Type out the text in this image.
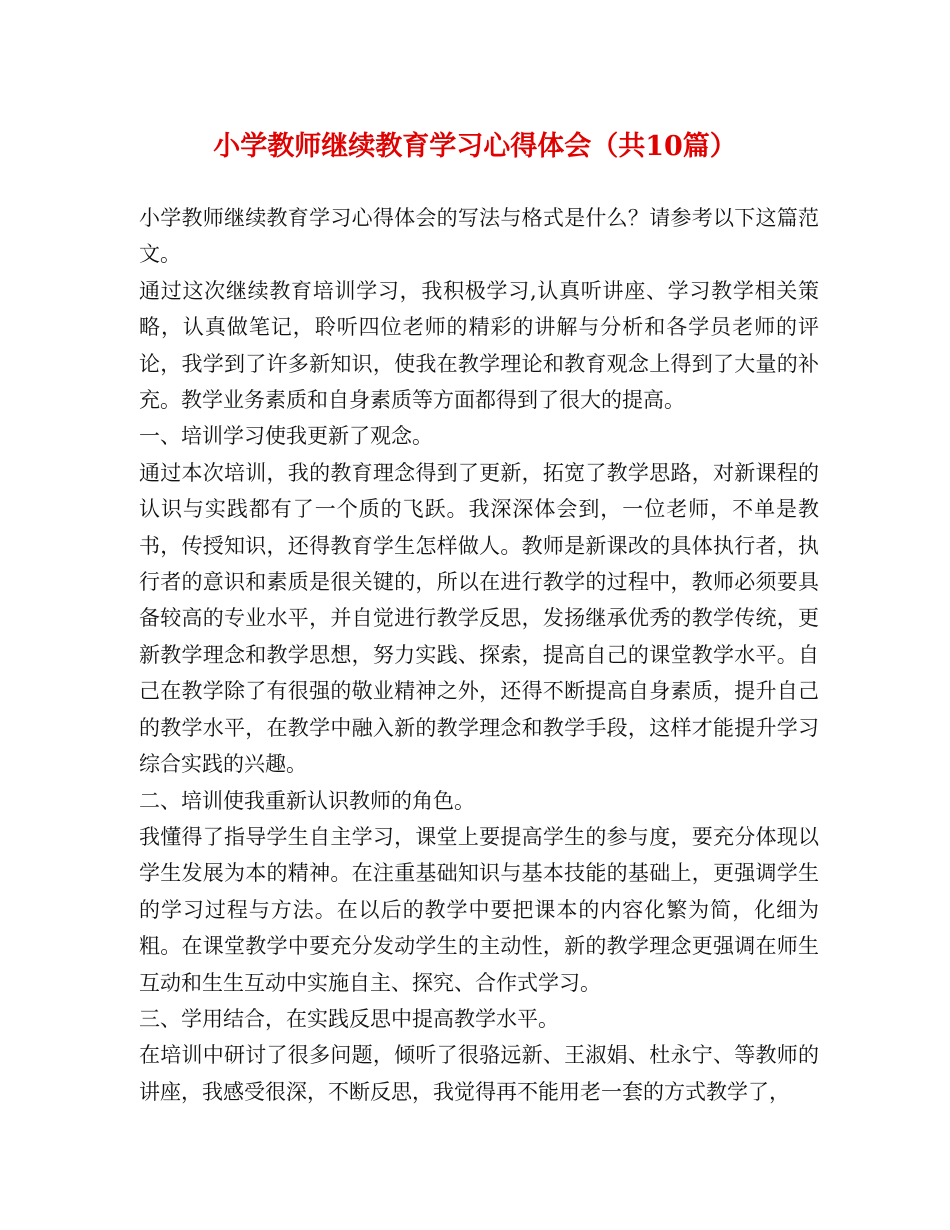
小学教师继续教育学习心得体会（共10篇）

小学教师继续教育学习心得体会的写法与格式是什么？请参考以下这篇范文。

通过这次继续教育培训学习，我积极学习,认真听讲座、学习教学相关策略，认真做笔记，聆听四位老师的精彩的讲解与分析和各学员老师的评论，我学到了许多新知识，使我在教学理论和教育观念上得到了大量的补充。教学业务素质和自身素质等方面都得到了很大的提高。

一、培训学习使我更新了观念。

通过本次培训，我的教育理念得到了更新，拓宽了教学思路，对新课程的认识与实践都有了一个质的飞跃。我深深体会到，一位老师，不单是教书，传授知识，还得教育学生怎样做人。教师是新课改的具体执行者，执行者的意识和素质是很关键的，所以在进行教学的过程中，教师必须要具备较高的专业水平，并自觉进行教学反思，发扬继承优秀的教学传统，更新教学理念和教学思想，努力实践、探索，提高自己的课堂教学水平。自己在教学除了有很强的敬业精神之外，还得不断提高自身素质，提升自己的教学水平，在教学中融入新的教学理念和教学手段，这样才能提升学习综合实践的兴趣。

二、培训使我重新认识教师的角色。

我懂得了指导学生自主学习，课堂上要提高学生的参与度，要充分体现以学生发展为本的精神。在注重基础知识与基本技能的基础上，更强调学生的学习过程与方法。在以后的教学中要把课本的内容化繁为简，化细为粗。在课堂教学中要充分发动学生的主动性，新的教学理念更强调在师生互动和生生互动中实施自主、探究、合作式学习。

三、学用结合，在实践反思中提高教学水平。

在培训中研讨了很多问题，倾听了很骆远新、王淑娟、杜永宁、等教师的讲座，我感受很深，不断反思，我觉得再不能用老一套的方式教学了，
